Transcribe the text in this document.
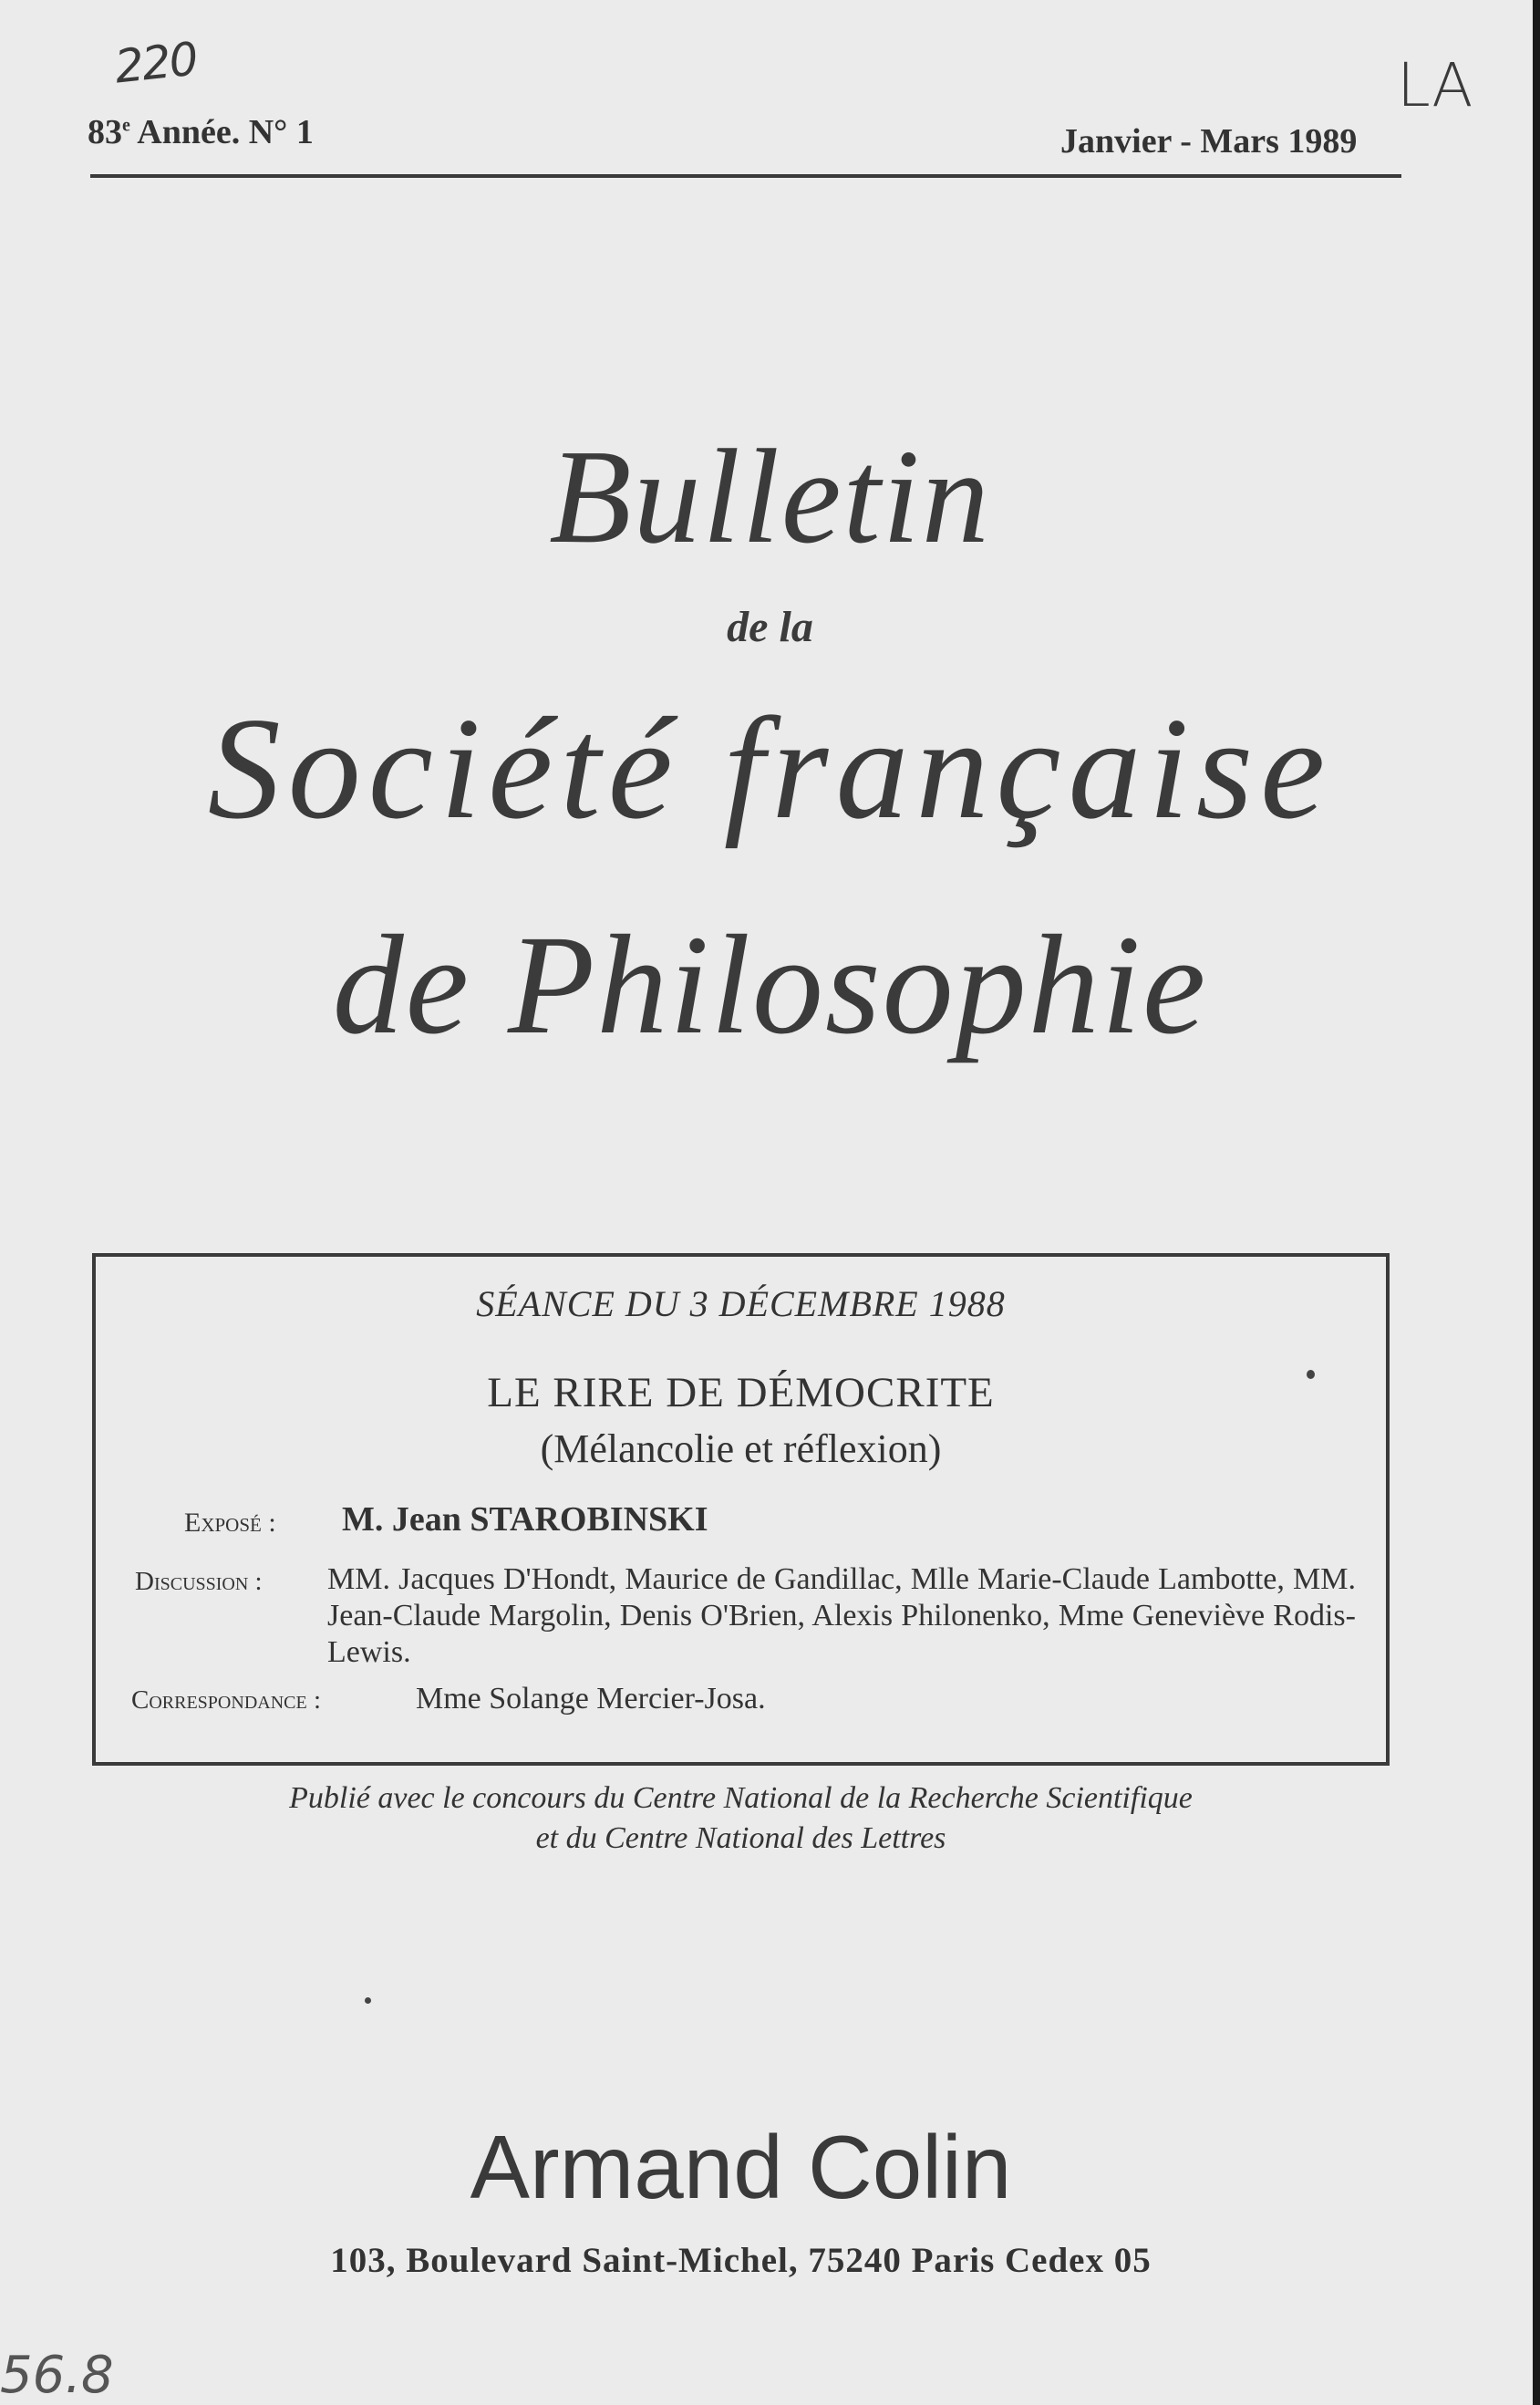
220	LA
56.8
83e Année. N° 1	Janvier - Mars 1989
Bulletin
de la
Société française
de Philosophie
SÉANCE DU 3 DÉCEMBRE 1988
LE RIRE DE DÉMOCRITE
(Mélancolie et réflexion)
Exposé : M. Jean STAROBINSKI
Discussion : MM. Jacques D'Hondt, Maurice de Gandillac, Mlle Marie-Claude Lambotte, MM. Jean-Claude Margolin, Denis O'Brien, Alexis Philonenko, Mme Geneviève Rodis-Lewis.
Correspondance :	Mme Solange Mercier-Josa.
Publié avec le concours du Centre National de la Recherche Scientifique
et du Centre National des Lettres
Armand Colin
103, Boulevard Saint-Michel, 75240 Paris Cedex 05
